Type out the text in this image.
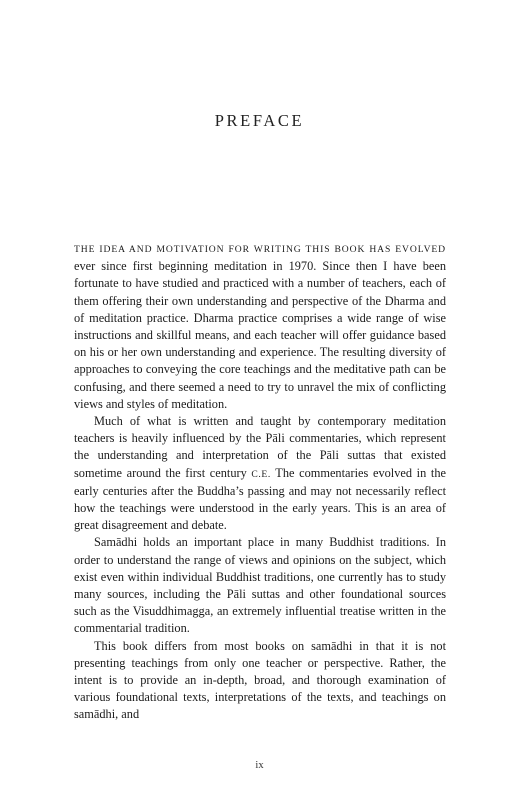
PREFACE

THE IDEA AND MOTIVATION FOR WRITING THIS BOOK HAS EVOLVED ever since first beginning meditation in 1970. Since then I have been fortunate to have studied and practiced with a number of teachers, each of them offering their own understanding and perspective of the Dharma and of meditation practice. Dharma practice comprises a wide range of wise instructions and skillful means, and each teacher will offer guidance based on his or her own understanding and experience. The resulting diversity of approaches to conveying the core teachings and the meditative path can be confusing, and there seemed a need to try to unravel the mix of conflicting views and styles of meditation.

Much of what is written and taught by contemporary meditation teachers is heavily influenced by the Pāli commentaries, which represent the understanding and interpretation of the Pāli suttas that existed sometime around the first century C.E. The commentaries evolved in the early centuries after the Buddha’s passing and may not necessarily reflect how the teachings were understood in the early years. This is an area of great disagreement and debate.

Samādhi holds an important place in many Buddhist traditions. In order to understand the range of views and opinions on the subject, which exist even within individual Buddhist traditions, one currently has to study many sources, including the Pāli suttas and other foundational sources such as the Visuddhimagga, an extremely influential treatise written in the commentarial tradition.

This book differs from most books on samādhi in that it is not presenting teachings from only one teacher or perspective. Rather, the intent is to provide an in-depth, broad, and thorough examination of various foundational texts, interpretations of the texts, and teachings on samādhi, and

ix
